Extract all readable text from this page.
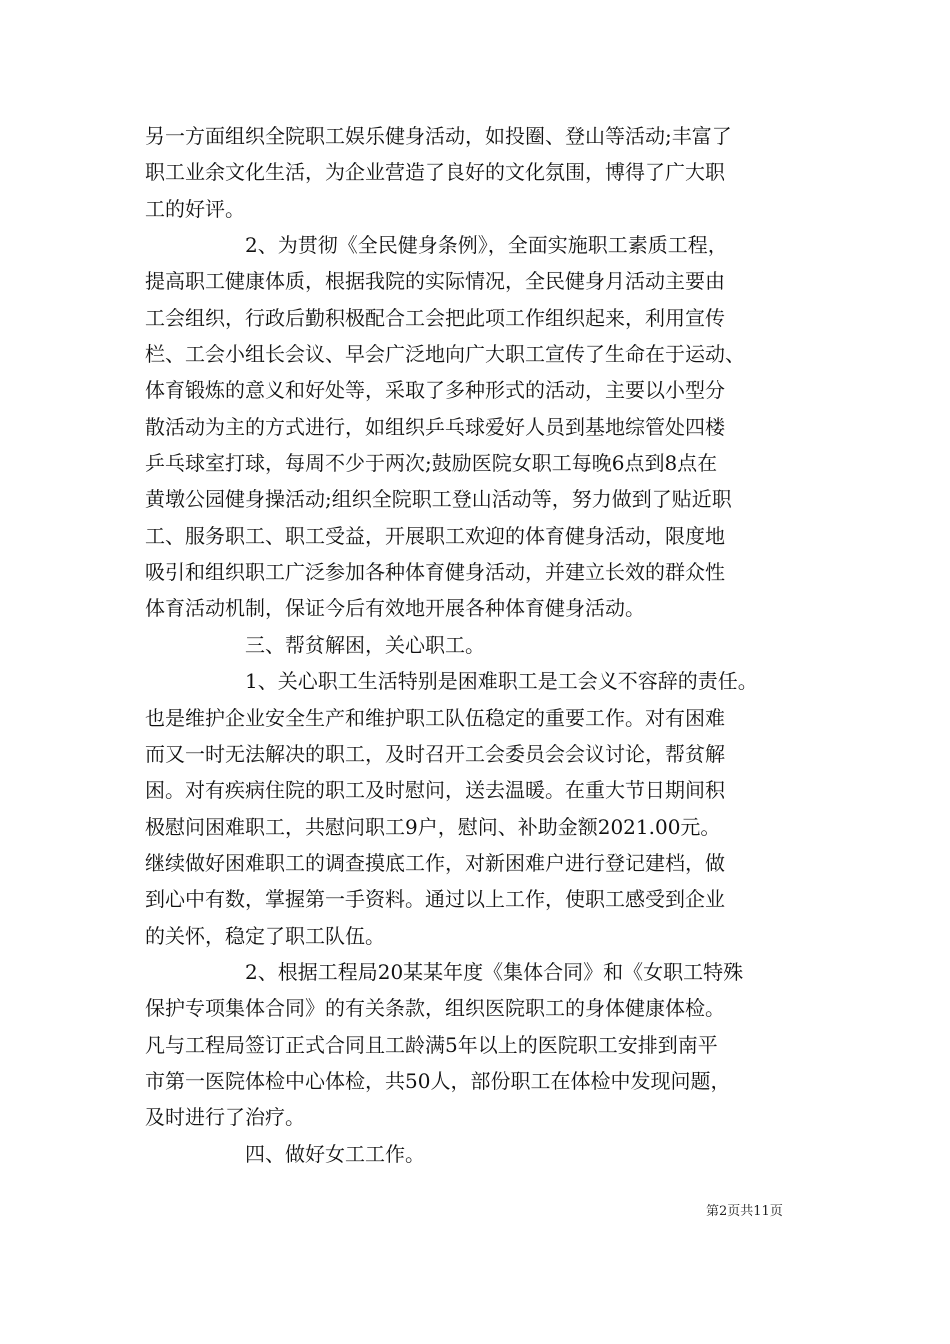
另一方面组织全院职工娱乐健身活动，如投圈、登山等活动;丰富了
职工业余文化生活，为企业营造了良好的文化氛围，博得了广大职
工的好评。
2、为贯彻《全民健身条例》，全面实施职工素质工程，
提高职工健康体质，根据我院的实际情况，全民健身月活动主要由
工会组织，行政后勤积极配合工会把此项工作组织起来，利用宣传
栏、工会小组长会议、早会广泛地向广大职工宣传了生命在于运动、
体育锻炼的意义和好处等，采取了多种形式的活动，主要以小型分
散活动为主的方式进行，如组织乒乓球爱好人员到基地综管处四楼
乒乓球室打球，每周不少于两次;鼓励医院女职工每晚6点到8点在
黄墩公园健身操活动;组织全院职工登山活动等，努力做到了贴近职
工、服务职工、职工受益，开展职工欢迎的体育健身活动，限度地
吸引和组织职工广泛参加各种体育健身活动，并建立长效的群众性
体育活动机制，保证今后有效地开展各种体育健身活动。
三、帮贫解困，关心职工。
1、关心职工生活特别是困难职工是工会义不容辞的责任。
也是维护企业安全生产和维护职工队伍稳定的重要工作。对有困难
而又一时无法解决的职工，及时召开工会委员会会议讨论，帮贫解
困。对有疾病住院的职工及时慰问，送去温暖。在重大节日期间积
极慰问困难职工，共慰问职工9户，慰问、补助金额2021.00元。
继续做好困难职工的调查摸底工作，对新困难户进行登记建档，做
到心中有数，掌握第一手资料。通过以上工作，使职工感受到企业
的关怀，稳定了职工队伍。
2、根据工程局20某某年度《集体合同》和《女职工特殊
保护专项集体合同》的有关条款，组织医院职工的身体健康体检。
凡与工程局签订正式合同且工龄满5年以上的医院职工安排到南平
市第一医院体检中心体检，共50人，部份职工在体检中发现问题，
及时进行了治疗。
四、做好女工工作。
第2页共11页
